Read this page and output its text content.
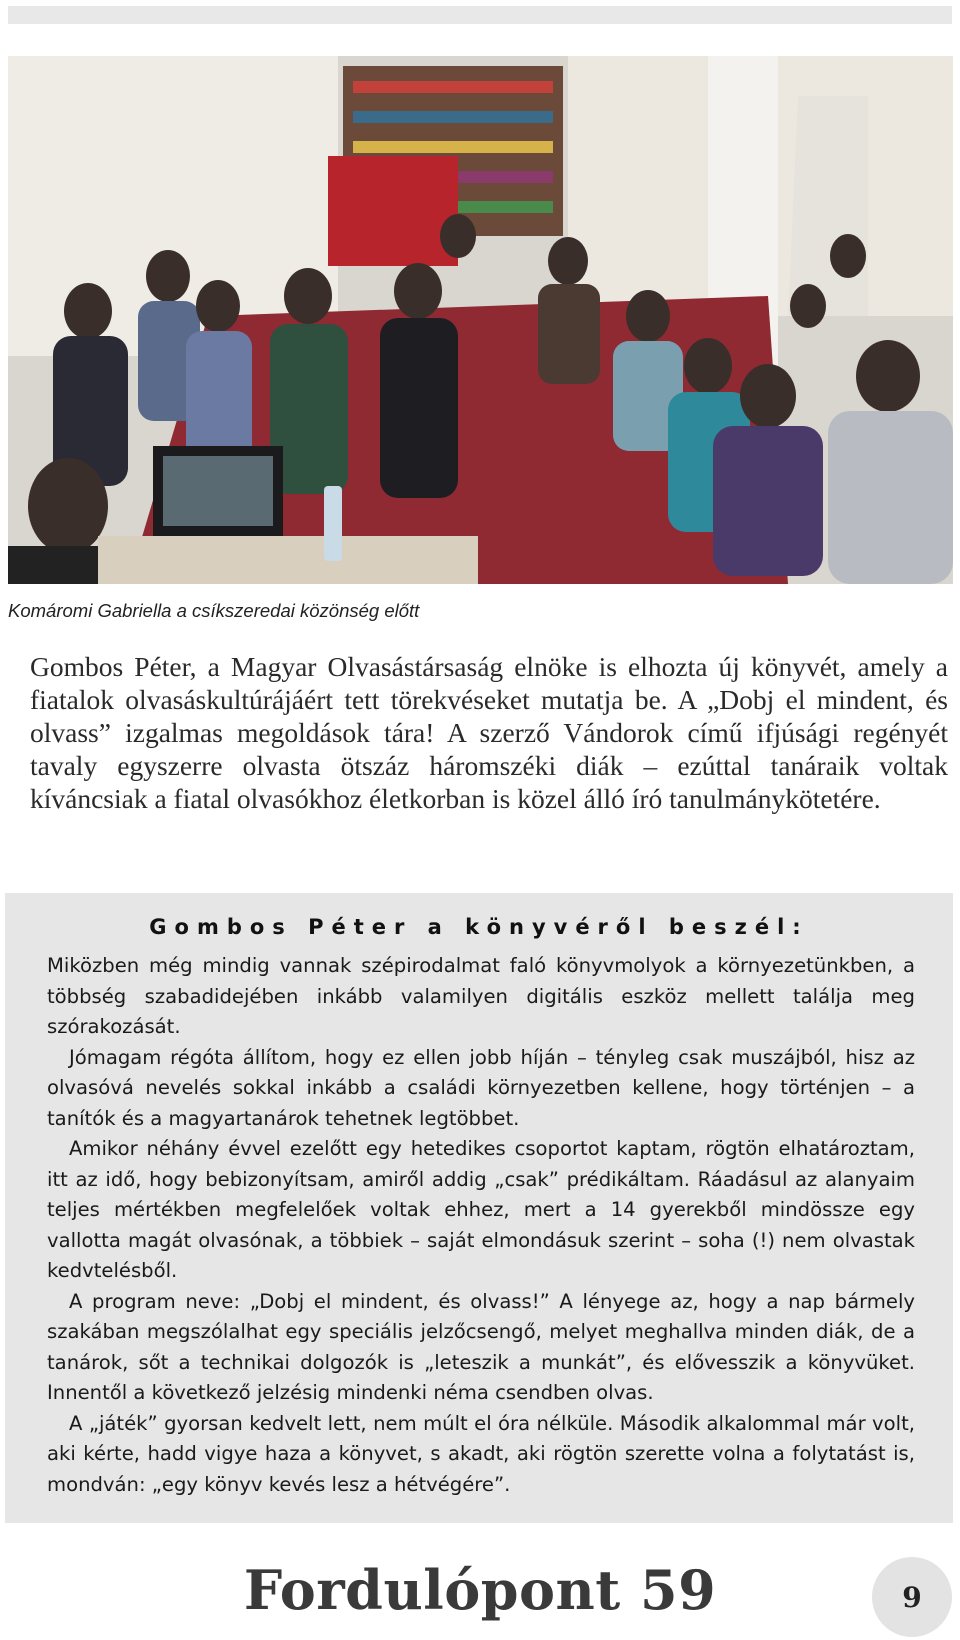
Komáromi Gabriella a csíkszeredai közönség előtt
Gombos Péter, a Magyar Olvasástársaság elnöke is elhozta új könyvét, amely a fiatalok olvasáskultúrájáért tett törekvéseket mutatja be. A „Dobj el mindent, és olvass” izgalmas megoldások tára! A szerző Vándorok című ifjúsági regényét tavaly egyszerre olvasta ötszáz háromszéki diák – ezúttal tanáraik voltak kíváncsiak a fiatal olvasókhoz életkorban is közel álló író tanulmánykötetére.
Gombos Péter a könyvéről beszél:

Miközben még mindig vannak szépirodalmat faló könyvmolyok a környezetünkben, a többség szabadidejében inkább valamilyen digitális eszköz mellett találja meg szórakozását.

Jómagam régóta állítom, hogy ez ellen jobb híján – tényleg csak muszájból, hisz az olvasóvá nevelés sokkal inkább a családi környezetben kellene, hogy történjen – a tanítók és a magyartanárok tehetnek legtöbbet.

Amikor néhány évvel ezelőtt egy hetedikes csoportot kaptam, rögtön elhatároztam, itt az idő, hogy bebizonyítsam, amiről addig „csak” prédikáltam. Ráadásul az alanyaim teljes mértékben megfelelőek voltak ehhez, mert a 14 gyerekből mindössze egy vallotta magát olvasónak, a többiek – saját elmondásuk szerint – soha (!) nem olvastak kedvtelésből.

A program neve: „Dobj el mindent, és olvass!” A lényege az, hogy a nap bármely szakában megszólalhat egy speciális jelzőcsengő, melyet meghallva minden diák, de a tanárok, sőt a technikai dolgozók is „leteszik a munkát”, és elővesszik a könyvüket. Innentől a következő jelzésig mindenki néma csendben olvas.

A „játék” gyorsan kedvelt lett, nem múlt el óra nélküle. Második alkalommal már volt, aki kérte, hadd vigye haza a könyvet, s akadt, aki rögtön szerette volna a folytatást is, mondván: „egy könyv kevés lesz a hétvégére”.

Fordulópont 59	9
